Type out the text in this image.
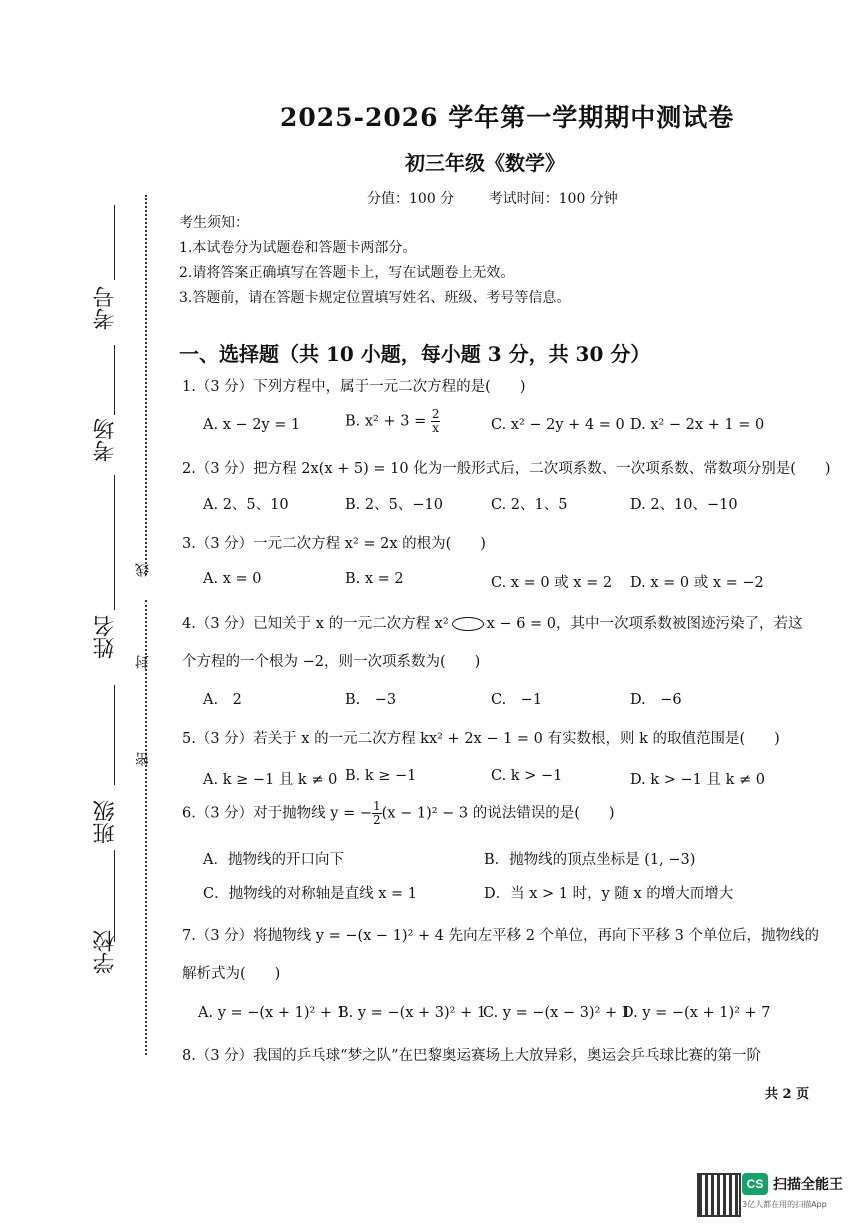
线
封
密
考号
考场
姓名
班级
学校
2025-2026 学年第一学期期中测试卷
初三年级《数学》
分值：100 分 考试时间：100 分钟
考生须知：
1.本试卷分为试题卷和答题卡两部分。
2.请将答案正确填写在答题卡上，写在试题卷上无效。
3.答题前，请在答题卡规定位置填写姓名、班级、考号等信息。
一、选择题（共 10 小题，每小题 3 分，共 30 分）
1.（3 分）下列方程中，属于一元二次方程的是(　　)
A. x − 2y = 1	B. $x^2 + 3 = \frac{2}{x}$	C. x² − 2y + 4 = 0 D. x² − 2x + 1 = 0
2.（3 分）把方程 2x(x + 5) = 10 化为一般形式后，二次项系数、一次项系数、常数项分别是(　　)
A. 2、5、10	B. 2、5、−10	C. 2、1、5	D. 2、10、−10
3.（3 分）一元二次方程 x² = 2x 的根为(　　)
A. x = 0	B. x = 2	C. x = 0 或 x = 2 D. x = 0 或 x = −2
4.（3 分）已知关于 x 的一元二次方程 x²	x − 6 = 0，其中一次项系数被图迹污染了，若这
个方程的一个根为 −2，则一次项系数为(　　)
A.　2	B.　−3	C.　−1	D.　−6
5.（3 分）若关于 x 的一元二次方程 kx² + 2x − 1 = 0 有实数根，则 k 的取值范围是(　　)
A. k ≥ −1 且 k ≠ 0 B. k ≥ −1	C. k > −1	D. k > −1 且 k ≠ 0
6.（3 分）对于抛物线 y = − $\frac{1}{2} (x - 1)^2 - 3$ 的说法错误的是(　　)
A．抛物线的开口向下	B．抛物线的顶点坐标是 (1, −3)
C．抛物线的对称轴是直线 x = 1	D．当 x > 1 时，y 随 x 的增大而增大
7.（3 分）将抛物线 y = −(x − 1)² + 4 先向左平移 2 个单位，再向下平移 3 个单位后，抛物线的
解析式为(　　)
A. y = −(x + 1)² + 1
B. y = −(x + 3)² + 1
C. y = −(x − 3)² + 1
D. y = −(x + 1)² + 7
8.（3 分）我国的乒乓球“梦之队”在巴黎奥运赛场上大放异彩，奥运会乒乓球比赛的第一阶
共 2 页
CS 扫描全能王
3亿人都在用的扫描App
